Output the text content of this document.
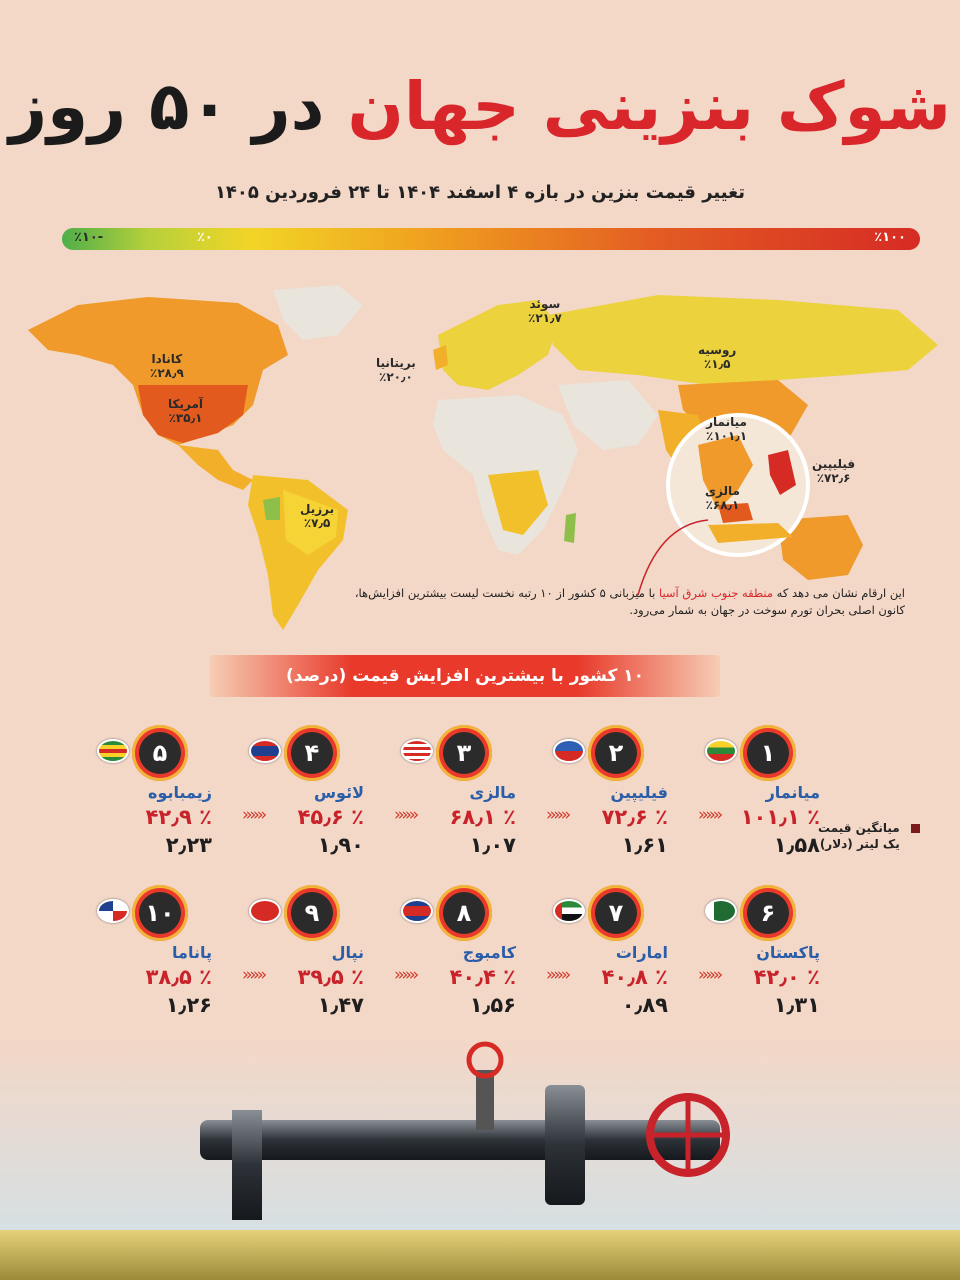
شوک بنزینی جهان در ۵۰ روز
تغییر قیمت بنزین در بازه ۴ اسفند ۱۴۰۴ تا ۲۴ فروردین ۱۴۰۵
٪۱۰۰
٪۰
٪۱۰-
کانادا
٪۲۸٫۹
آمریکا
٪۳۵٫۱
بریتانیا
٪۲۰٫۰
سوئد
٪۲۱٫۷
روسیه
٪۱٫۵
میانمار
٪۱۰۱٫۱
فیلیپین
٪۷۲٫۶
مالزی
٪۶۸٫۱
برزیل
٪۷٫۵
این ارقام نشان می دهد که منطقه جنوب شرق آسیا با میزبانی ۵ کشور از ۱۰ رتبه نخست لیست بیشترین افزایش‌ها، کانون اصلی بحران تورم سوخت در جهان به شمار می‌رود.
۱۰ کشور با بیشترین افزایش قیمت (درصد)
۱
میانمار
««« ٪ ۱۰۱٫۱
۱٫۵۸
۲
فیلیپین
««« ٪ ۷۲٫۶
۱٫۶۱
۳
مالزی
««« ٪ ۶۸٫۱
۱٫۰۷
۴
لائوس
««« ٪ ۴۵٫۶
۱٫۹۰
۵
زیمبابوه
٪ ۴۲٫۹
۲٫۲۳
میانگین قیمت
یک لیتر (دلار)
۶
پاکستان
««« ٪ ۴۲٫۰
۱٫۳۱
۷
امارات
««« ٪ ۴۰٫۸
۰٫۸۹
۸
کامبوج
««« ٪ ۴۰٫۴
۱٫۵۶
۹
نپال
««« ٪ ۳۹٫۵
۱٫۴۷
۱۰
پاناما
٪ ۳۸٫۵
۱٫۲۶
